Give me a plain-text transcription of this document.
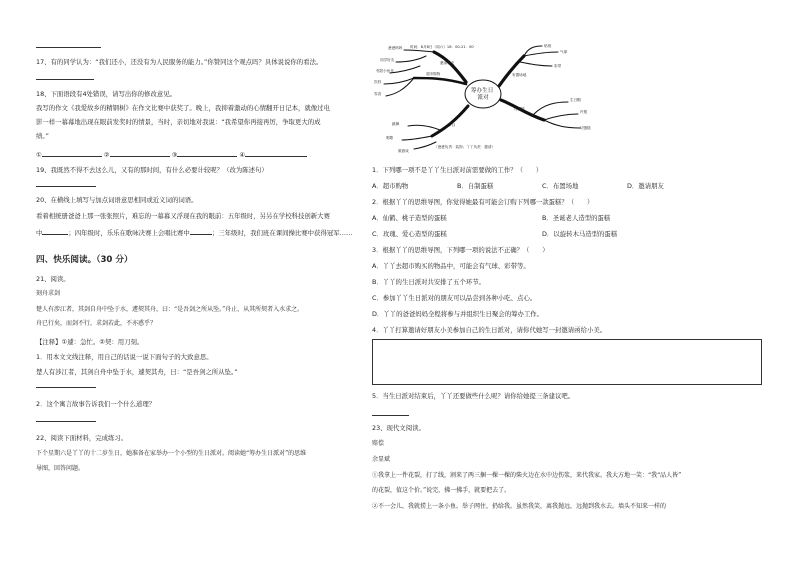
17、有的同学认为：“我们还小，还没有为人民服务的能力。”你赞同这个观点吗？具体说说你的看法。
18、下面语段有4处错误，请写出你的修改意见。
我写的作文《我爱故乡的精钢树》在作文比赛中获奖了。晚上，我抑着激动的心情翻开日记本，就像过电
影一样一幕幕地出现在眼前发奖时的情景，当时，亲切地对我说：“我希望你再接再厉，争取更大的成
绩。”
①	②	③	④
19、我既然不得不去这么儿，又有的那时间，有什么必要计较呢？（改为陈述句）
20、在横线上填写与加点词语意思相同或近义词的词语。
看着相统册爸爸上那一张张照片，难忘的一幕幕又浮现在我的眼前：五年级时，另另在学校科技创新大赛
中	；四年级时，乐乐在歌咏决赛上会唱比赛中	；三年级时，我们班在课间操比赛中获得冠军……
四、快乐阅读。（30 分）
21、阅读。
刻舟求剑
楚人有涉江者，其剑自舟中坠于水，遽契其舟，曰：“是吾剑之所从坠。”舟止，从其所契者入水求之。
舟已行矣，而剑不行，求剑若此，不亦惑乎？
【注释】①遽：急忙。②契：用刀刻。
1．用本文文线注释，用自己的话说一说下面句子的大致意思。
楚人有涉江者，其剑自舟中坠于水，遽契其舟，曰：“是吾剑之所从坠。”
2．这个寓言故事告诉我们一个什么道理？
22、阅读下面材料，完成练习。
下个星期六是丫丫的十二岁生日，她准备在家举办一个小型的生日派对。阅读她“筹办生日派对”的思维
导图，回答问题。
筹办生日 派对
时间：8月8日（周六）18：00-21：00
邀请亲友
超市购物
节目
布置场地
订蛋糕
爸爸妈妈
同学好友
邻居小伙伴
饮料
零食
唱歌
跳舞
做游戏
气球
彩带
贴纸
生日帽
许愿
切蛋糕
（爸爸负责：装饰；丫丫负责：邀请）
1．下列哪一项不是丫丫生日派对前需要做的工作？（　　）
A．超市购物	B．自制蛋糕	C．布置场地	D．邀请朋友
2．根据丫丫的思维导图，你觉得她最有可能会订购下列哪一款蛋糕？（　　）
A．仙鹤、桃子造型的蛋糕	B．圣诞老人造型的蛋糕
C．玫瑰、爱心造型的蛋糕	D．以旋转木马造型的蛋糕
3．根据丫丫的思维导图，下列哪一项的说法不正确？（　　）
A．丫丫去超市购买的物品中，可能会有气球、彩带等。
B．丫丫的生日派对共安排了五个环节。
C．参加丫丫生日派对的朋友可以品尝到各种小吃、点心。
D．丫丫的爸爸妈妈全程将参与并组织生日聚会的筹办工作。
4．丫丫打算邀请好朋友小美参加自己的生日派对，请你代她写一封邀请函给小美。
5．当生日派对结束后，丫丫还要做些什么呢？请你给她提三条建议吧。
23、现代文阅读。
赔偿
余显斌
①我拿上一件花裂，打了线，割来了两三捆一棵一棵的柴火边在水中边伤浆，来代我家。我大方地一笑：“我“品人皆”
的花裂，值这个价。”说完，拂一拂手，就要把去了。
②不一会儿，我就捞上一条小鱼。举子网住，扔给我。虽然我笑，离我抛远，远抛到我水去。墙头不知来一样的
